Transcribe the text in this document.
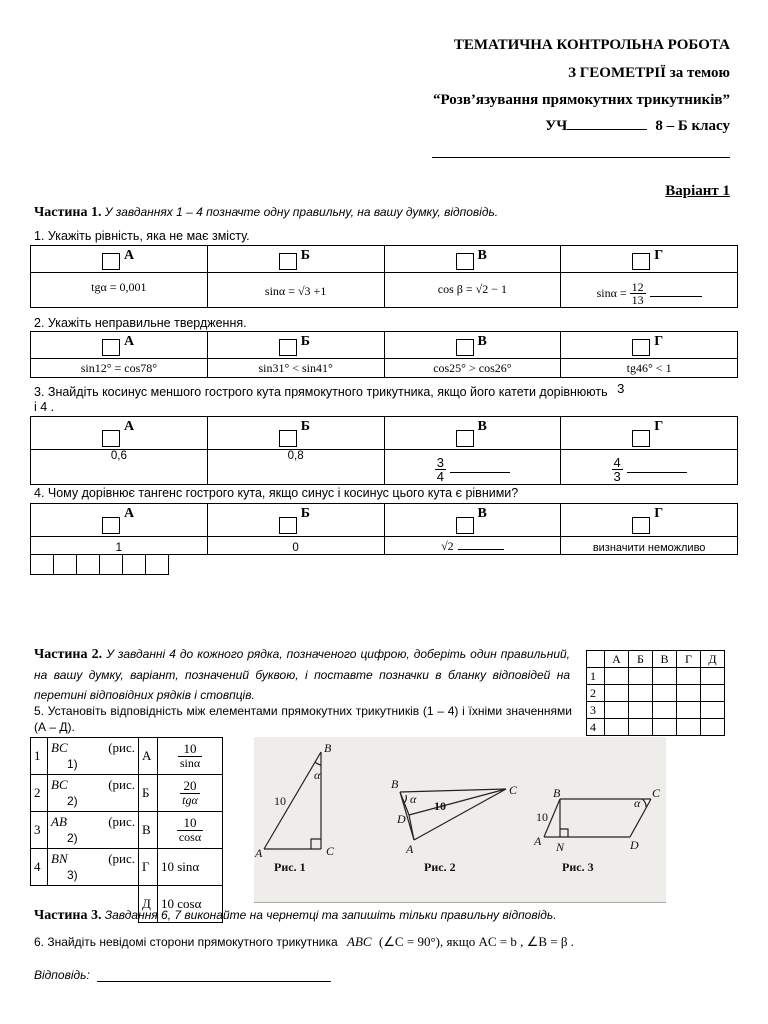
ТЕМАТИЧНА КОНТРОЛЬНА РОБОТА
З ГЕОМЕТРІЇ за темою
“Розв’язування прямокутних трикутників”
УЧ	8 – Б класу
Варіант 1
Частина 1. У завданнях 1 – 4 позначте одну правильну, на вашу думку, відповідь.
1. Укажіть рівність, яка не має змісту.
А	Б	В	Г

tgα = 0,001	sinα = √3 +1	cos β = √2 − 1	$\sin\alpha = \frac{12}{13}$
2. Укажіть неправильне твердження.
А	Б	В	Г

sin12° = cos78°	sin31° < sin41°	cos25° > cos26°	tg46° < 1
3. Знайдіть косинус меншого гострого кута прямокутного трикутника, якщо його катети дорівнюють 3
і 4 .
А	Б	В	Г

0,6	0,8	$\frac{3}{4}$	$\frac{4}{3}$
4. Чому дорівнює тангенс гострого кута, якщо синус і косинус цього кута є рівними?
А	Б	В	Г

1	0	√2	визначити неможливо
Частина 2. У завданні 4 до кожного рядка, позначеного цифрою, доберіть один правильний, на вашу думку, варіант, позначений буквою, і поставте позначки в бланку відповідей на перетині відповідних рядків і стовпців.
	А	Б	В	Г	Д
1					
2					
3					
4					
5. Установіть відповідність між елементами прямокутних трикутників (1 – 4) і їхніми значеннями (А – Д).
1	BC (рис.
1)	А	$\frac{10}{\sin\alpha}$

2	BC (рис.
2)	Б	$\frac{20}{\text{tgα}}$

3	AB (рис.
2)	В	$\frac{10}{\cos\alpha}$

4	BN (рис.
3)	Г	10 sinα
		Д	10 cosα
A
B
C
10
α
Рис. 1
B	C
D
A
α 10
Рис. 2
B	C
A N	D
α
10
Рис. 3
Частина 3. Завдання 6, 7 виконайте на чернетці та запишіть тільки правильну відповідь.
6. Знайдіть невідомі сторони прямокутного трикутника ABC (∠C = 90°), якщо AC = b , ∠B = β .
Відповідь:
